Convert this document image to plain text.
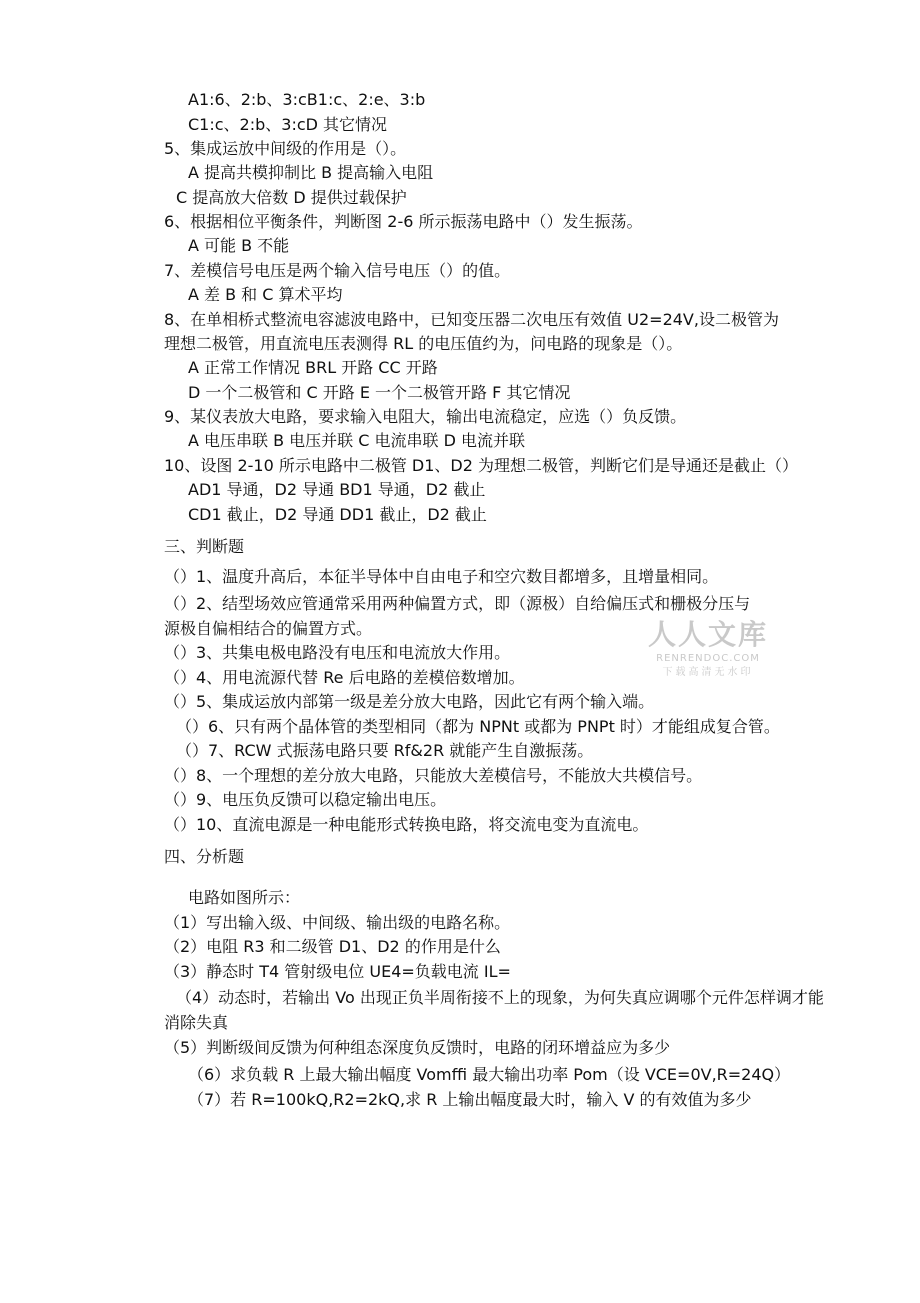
A1:6、2:b、3:cB1:c、2:e、3:b
C1:c、2:b、3:cD 其它情况
5、集成运放中间级的作用是（）。
A 提高共模抑制比 B 提高输入电阻
C 提高放大倍数 D 提供过载保护
6、根据相位平衡条件，判断图 2-6 所示振荡电路中（）发生振荡。
A 可能 B 不能
7、差模信号电压是两个输入信号电压（）的值。
A 差 B 和 C 算术平均
8、在单相桥式整流电容滤波电路中，已知变压器二次电压有效值 U2=24V,设二极管为
理想二极管，用直流电压表测得 RL 的电压值约为，问电路的现象是（）。
A 正常工作情况 BRL 开路 CC 开路
D 一个二极管和 C 开路 E 一个二极管开路 F 其它情况
9、某仪表放大电路，要求输入电阻大，输出电流稳定，应选（）负反馈。
A 电压串联 B 电压并联 C 电流串联 D 电流并联
10、设图 2-10 所示电路中二极管 D1、D2 为理想二极管，判断它们是导通还是截止（）
AD1 导通，D2 导通 BD1 导通，D2 截止
CD1 截止，D2 导通 DD1 截止，D2 截止
三、判断题
（）1、温度升高后，本征半导体中自由电子和空穴数目都增多，且增量相同。
（）2、结型场效应管通常采用两种偏置方式，即（源极）自给偏压式和栅极分压与
源极自偏相结合的偏置方式。
（）3、共集电极电路没有电压和电流放大作用。
（）4、用电流源代替 Re 后电路的差模倍数增加。
（）5、集成运放内部第一级是差分放大电路，因此它有两个输入端。
（）6、只有两个晶体管的类型相同（都为 NPNt 或都为 PNPt 时）才能组成复合管。
（）7、RCW 式振荡电路只要 Rf&2R 就能产生自激振荡。
（）8、一个理想的差分放大电路，只能放大差模信号，不能放大共模信号。
（）9、电压负反馈可以稳定输出电压。
（）10、直流电源是一种电能形式转换电路，将交流电变为直流电。
四、分析题
电路如图所示：
（1）写出输入级、中间级、输出级的电路名称。
（2）电阻 R3 和二级管 D1、D2 的作用是什么
（3）静态时 T4 管射级电位 UE4=负载电流 IL=
（4）动态时，若输出 Vo 出现正负半周衔接不上的现象，为何失真应调哪个元件怎样调才能
消除失真
（5）判断级间反馈为何种组态深度负反馈时，电路的闭环增益应为多少
（6）求负载 R 上最大输出幅度 Vomffi 最大输出功率 Pom（设 VCE=0V,R=24Q）
（7）若 R=100kQ,R2=2kQ,求 R 上输出幅度最大时，输入 V 的有效值为多少
人人文库
RENRENDOC.COM
下载高清无水印
